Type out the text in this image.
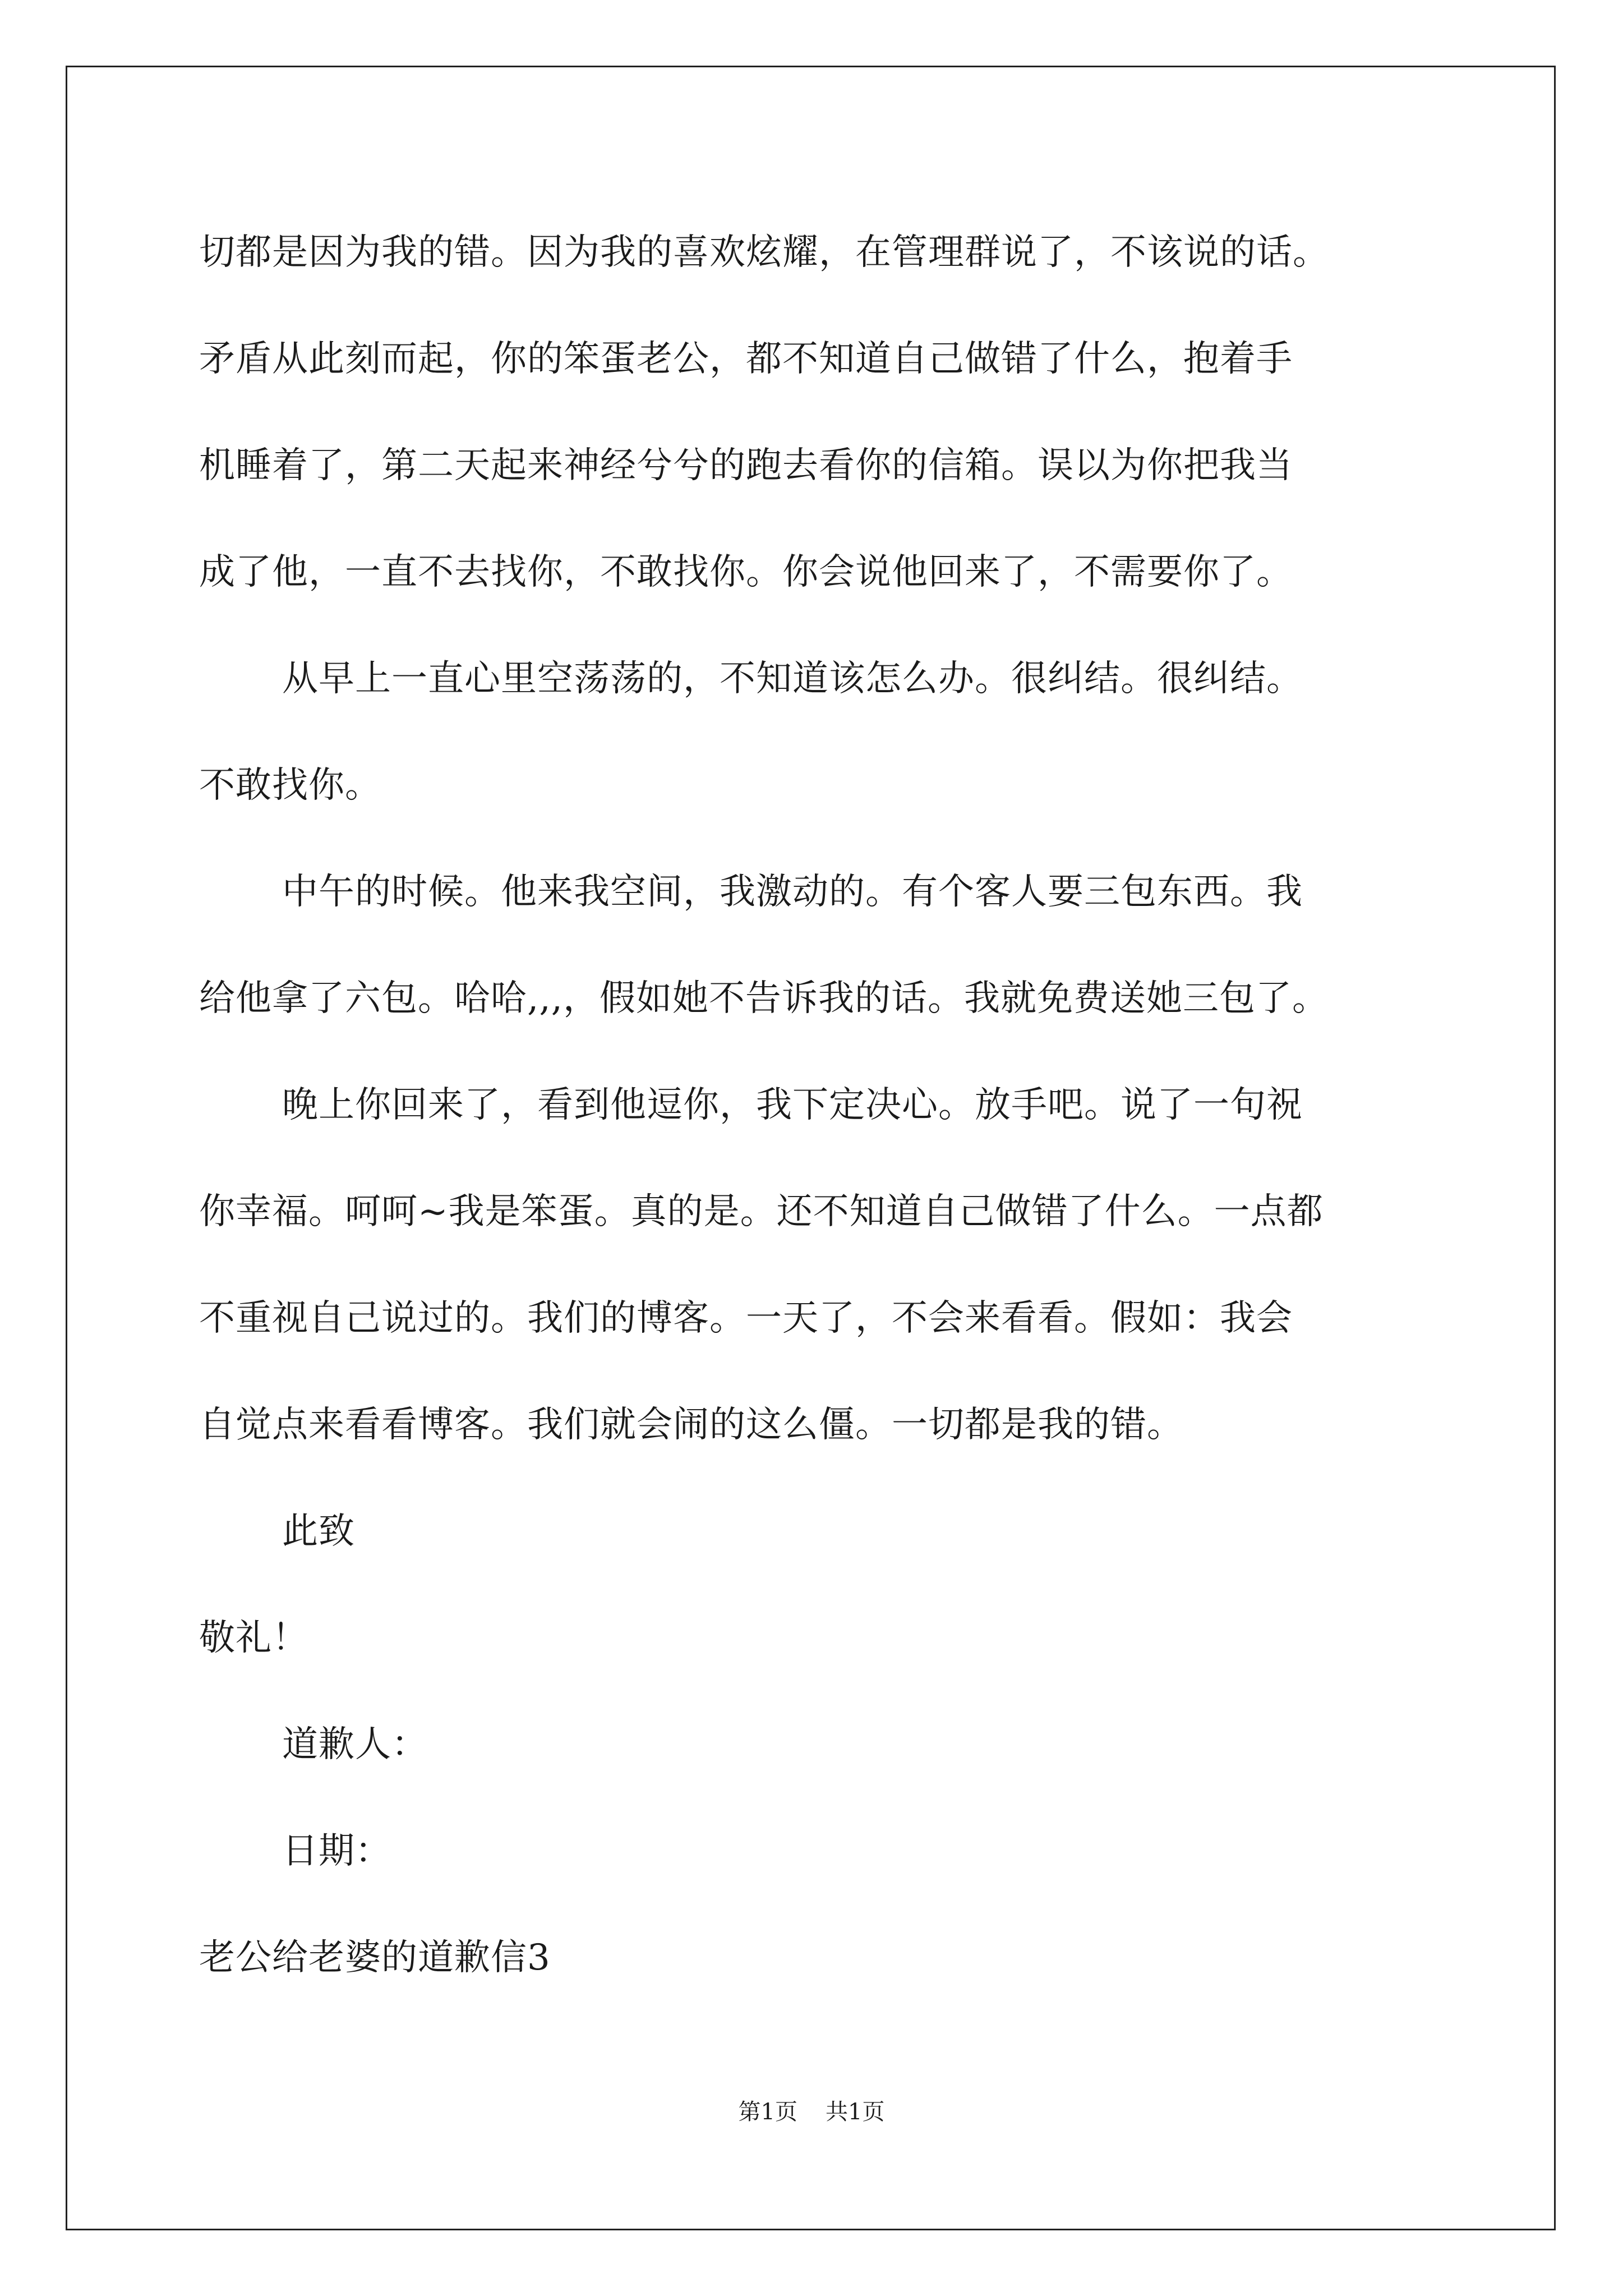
切都是因为我的错。因为我的喜欢炫耀，在管理群说了，不该说的话。
矛盾从此刻而起，你的笨蛋老公，都不知道自己做错了什么，抱着手
机睡着了，第二天起来神经兮兮的跑去看你的信箱。误以为你把我当
成了他，一直不去找你，不敢找你。你会说他回来了，不需要你了。
从早上一直心里空荡荡的，不知道该怎么办。很纠结。很纠结。
不敢找你。
中午的时候。他来我空间，我激动的。有个客人要三包东西。我
给他拿了六包。哈哈,,,，假如她不告诉我的话。我就免费送她三包了。
晚上你回来了，看到他逗你，我下定决心。放手吧。说了一句祝
你幸福。呵呵~我是笨蛋。真的是。还不知道自己做错了什么。一点都
不重视自己说过的。我们的博客。一天了，不会来看看。假如：我会
自觉点来看看博客。我们就会闹的这么僵。一切都是我的错。
此致
敬礼！
道歉人：
日期：
老公给老婆的道歉信3
第1页 共1页
